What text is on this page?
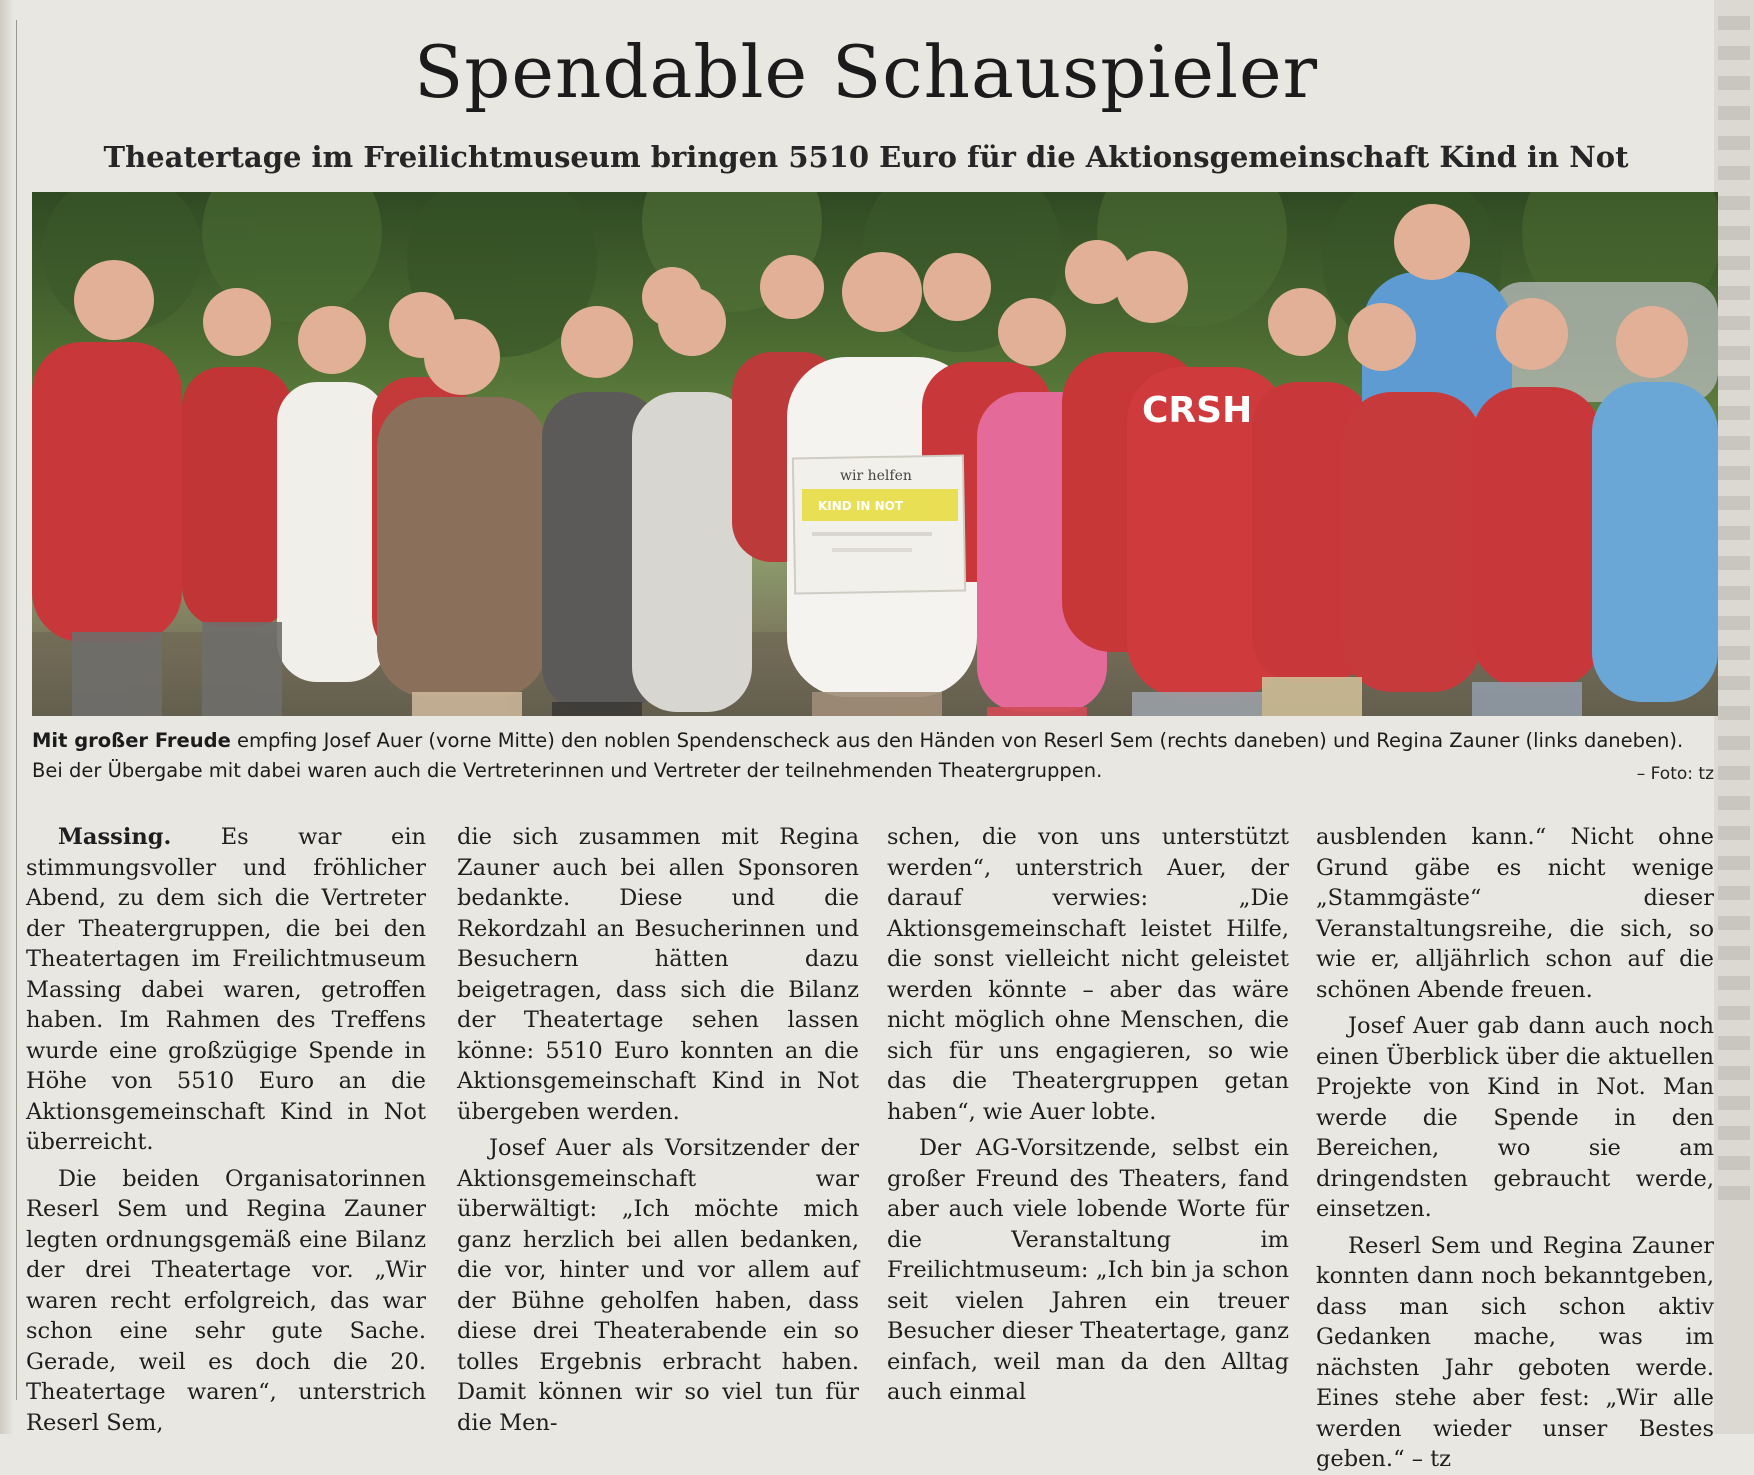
Spendable Schauspieler
Theatertage im Freilichtmuseum bringen 5510 Euro für die Aktionsgemeinschaft Kind in Not
CRSH
wir helfen
KIND IN NOT

Mit großer Freude empfing Josef Auer (vorne Mitte) den noblen Spendenscheck aus den Händen von Reserl Sem (rechts daneben) und Regina Zauner (links daneben). Bei der Übergabe mit dabei waren auch die Vertreterinnen und Vertreter der teilnehmenden Theatergruppen.	– Foto: tz

Massing. Es war ein stimmungsvoller und fröhlicher Abend, zu dem sich die Vertreter der Theatergruppen, die bei den Theatertagen im Freilichtmuseum Massing dabei waren, getroffen haben. Im Rahmen des Treffens wurde eine großzügige Spende in Höhe von 5510 Euro an die Aktionsgemeinschaft Kind in Not überreicht.

Die beiden Organisatorinnen Reserl Sem und Regina Zauner legten ordnungsgemäß eine Bilanz der drei Theatertage vor. „Wir waren recht erfolgreich, das war schon eine sehr gute Sache. Gerade, weil es doch die 20. Theatertage waren“, unterstrich Reserl Sem,

die sich zusammen mit Regina Zauner auch bei allen Sponsoren bedankte. Diese und die Rekordzahl an Besucherinnen und Besuchern hätten dazu beigetragen, dass sich die Bilanz der Theatertage sehen lassen könne: 5510 Euro konnten an die Aktionsgemeinschaft Kind in Not übergeben werden.

Josef Auer als Vorsitzender der Aktionsgemeinschaft war überwältigt: „Ich möchte mich ganz herzlich bei allen bedanken, die vor, hinter und vor allem auf der Bühne geholfen haben, dass diese drei Theaterabende ein so tolles Ergebnis erbracht haben. Damit können wir so viel tun für die Men-

schen, die von uns unterstützt werden“, unterstrich Auer, der darauf verwies: „Die Aktionsgemeinschaft leistet Hilfe, die sonst vielleicht nicht geleistet werden könnte – aber das wäre nicht möglich ohne Menschen, die sich für uns engagieren, so wie das die Theatergruppen getan haben“, wie Auer lobte.

Der AG-Vorsitzende, selbst ein großer Freund des Theaters, fand aber auch viele lobende Worte für die Veranstaltung im Freilichtmuseum: „Ich bin ja schon seit vielen Jahren ein treuer Besucher dieser Theatertage, ganz einfach, weil man da den Alltag auch einmal

ausblenden kann.“ Nicht ohne Grund gäbe es nicht wenige „Stammgäste“ dieser Veranstaltungsreihe, die sich, so wie er, alljährlich schon auf die schönen Abende freuen.

Josef Auer gab dann auch noch einen Überblick über die aktuellen Projekte von Kind in Not. Man werde die Spende in den Bereichen, wo sie am dringendsten gebraucht werde, einsetzen.

Reserl Sem und Regina Zauner konnten dann noch bekanntgeben, dass man sich schon aktiv Gedanken mache, was im nächsten Jahr geboten werde. Eines stehe aber fest: „Wir alle werden wieder unser Bestes geben.“ – tz
